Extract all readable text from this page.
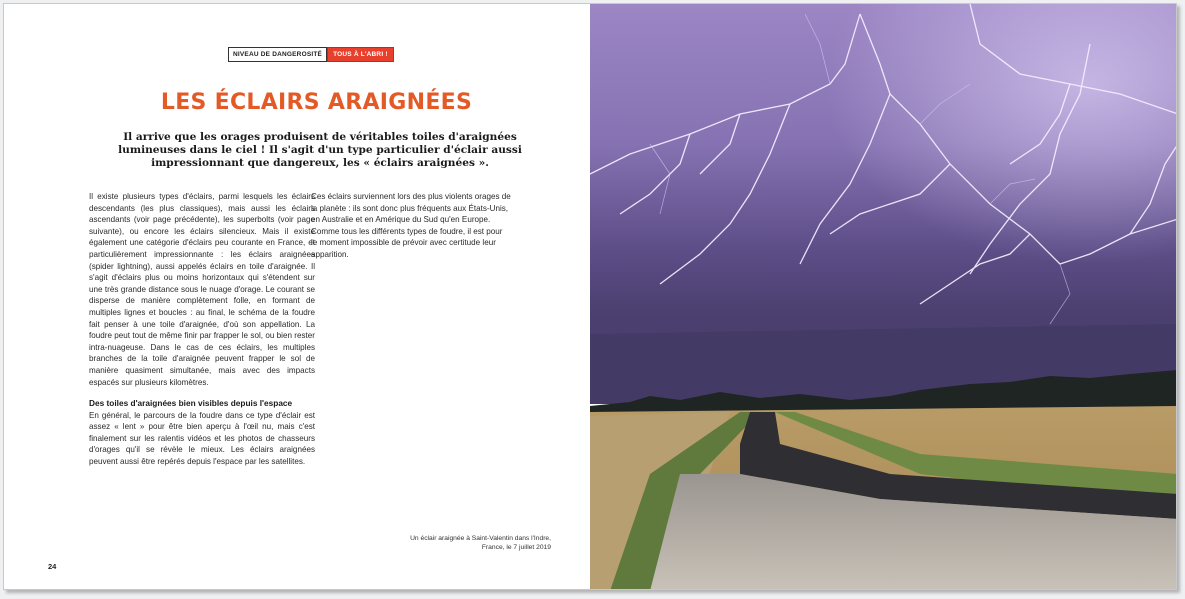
NIVEAU DE DANGEROSITÉ	TOUS À L'ABRI !
LES ÉCLAIRS ARAIGNÉES

Il arrive que les orages produisent de véritables toiles d'araignées lumineuses dans le ciel ! Il s'agit d'un type particulier d'éclair aussi impressionnant que dangereux, les « éclairs araignées ».

Il existe plusieurs types d'éclairs, parmi lesquels les éclairs descendants (les plus classiques), mais aussi les éclairs ascendants (voir page précédente), les superbolts (voir page suivante), ou encore les éclairs silencieux. Mais il existe également une catégorie d'éclairs peu courante en France, et particulièrement impressionnante : les éclairs araignées (spider lightning), aussi appelés éclairs en toile d'araignée. Il s'agit d'éclairs plus ou moins horizontaux qui s'étendent sur une très grande distance sous le nuage d'orage. Le courant se disperse de manière complètement folle, en formant de multiples lignes et boucles : au final, le schéma de la foudre fait penser à une toile d'araignée, d'où son appellation. La foudre peut tout de même finir par frapper le sol, ou bien rester intra-nuageuse. Dans le cas de ces éclairs, les multiples branches de la toile d'araignée peuvent frapper le sol de manière quasiment simultanée, mais avec des impacts espacés sur plusieurs kilomètres.

Des toiles d'araignées bien visibles depuis l'espace

En général, le parcours de la foudre dans ce type d'éclair est assez « lent » pour être bien aperçu à l'œil nu, mais c'est finalement sur les ralentis vidéos et les photos de chasseurs d'orages qu'il se révèle le mieux. Les éclairs araignées peuvent aussi être repérés depuis l'espace par les satellites.

Ces éclairs surviennent lors des plus violents orages de la planète : ils sont donc plus fréquents aux États-Unis, en Australie et en Amérique du Sud qu'en Europe. Comme tous les différents types de foudre, il est pour le moment impossible de prévoir avec certitude leur apparition.

Un éclair araignée à Saint-Valentin dans l'Indre, France, le 7 juillet 2019
24
